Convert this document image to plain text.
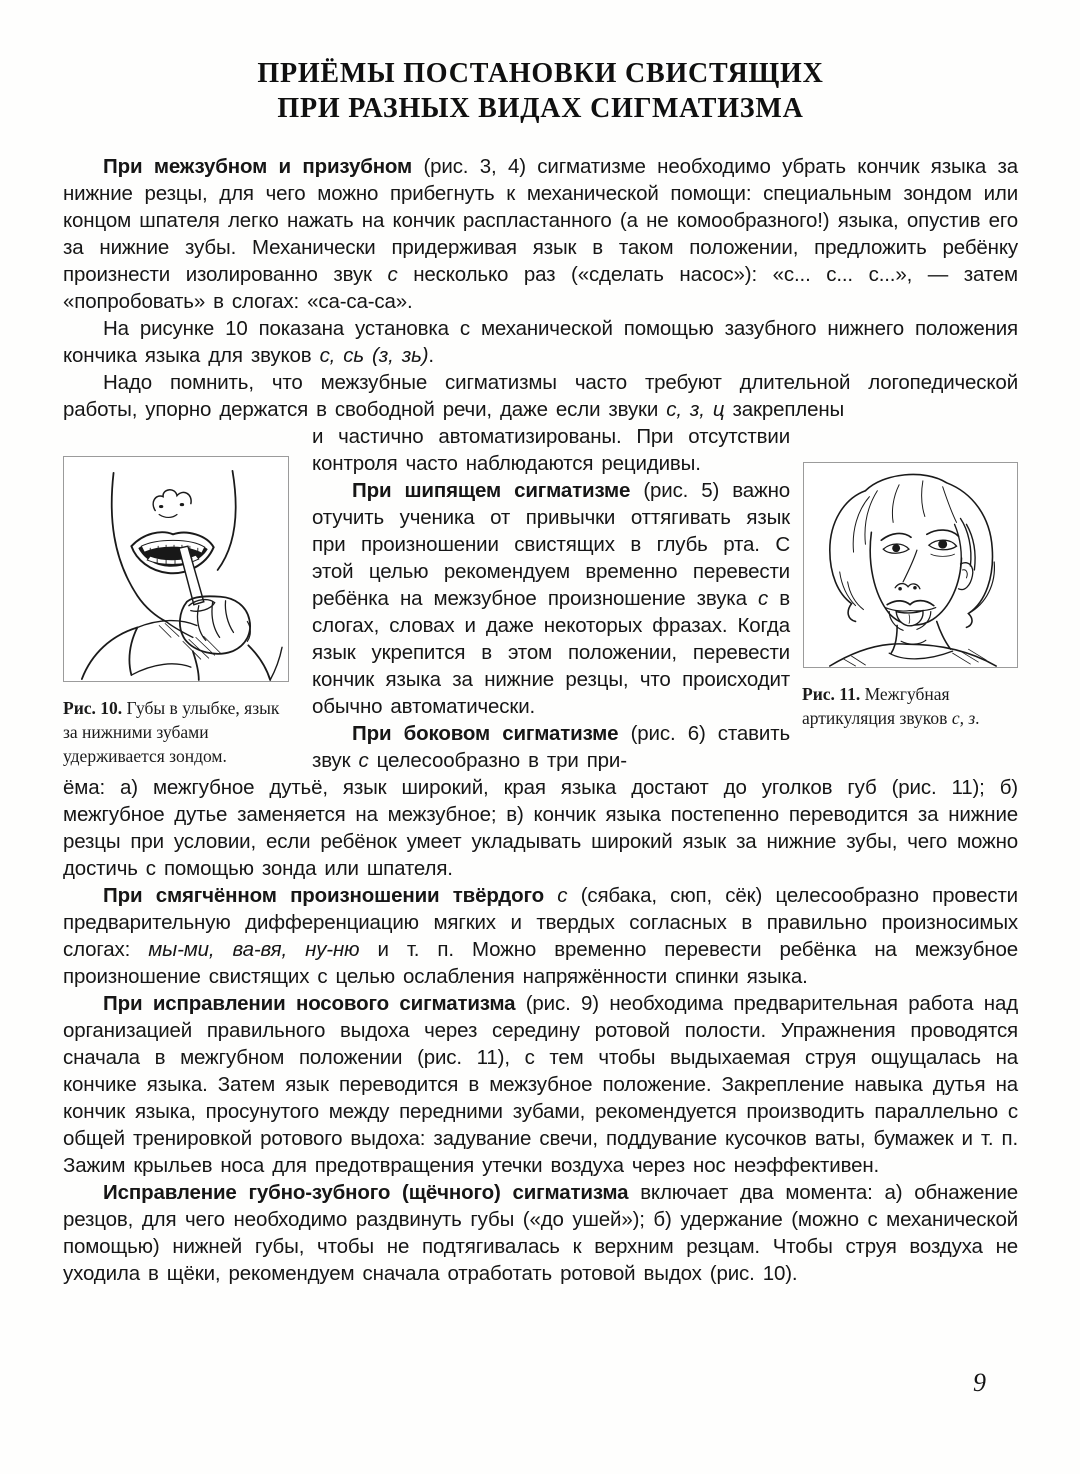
ПРИЁМЫ ПОСТАНОВКИ СВИСТЯЩИХ
ПРИ РАЗНЫХ ВИДАХ СИГМАТИЗМА

При межзубном и призубном (рис. 3, 4) сигматизме необходимо убрать кончик языка за нижние резцы, для чего можно прибегнуть к механической помощи: специальным зондом или концом шпателя легко нажать на кончик распластанного (а не комообразного!) языка, опустив его за нижние зубы. Механически придерживая язык в таком положении, предложить ребёнку произнести изолированно звук с несколько раз («сделать насос»): «с... с... с...», — затем «попробовать» в слогах: «са-са-са».

На рисунке 10 показана установка с механической помощью зазубного нижнего положения кончика языка для звуков с, сь (з, зь).

Надо помнить, что межзубные сигматизмы часто требуют длительной логопедической работы, упорно держатся в свободной речи, даже если звуки с, з, ц закреплены

Рис. 10. Губы в улыбке, язык за нижними зубами удерживается зондом.

и частично автоматизированы. При отсутствии контроля часто наблюдаются рецидивы.

При шипящем сигматизме (рис. 5) важно отучить ученика от привычки оттягивать язык при произношении свистящих в глубь рта. С этой целью рекомендуем временно перевести ребёнка на межзубное произношение звука с в слогах, словах и даже некоторых фразах. Когда язык укрепится в этом положении, перевести кончик языка за нижние резцы, что происходит обычно автоматически.

При боковом сигматизме (рис. 6) ставить звук с целесообразно в три при-

Рис. 11. Межгубная артикуляция звуков с, з.

ёма: а) межгубное дутьё, язык широкий, края языка достают до уголков губ (рис. 11); б) межгубное дутье заменяется на межзубное; в) кончик языка постепенно переводится за нижние резцы при условии, если ребёнок умеет укладывать широкий язык за нижние зубы, чего можно достичь с помощью зонда или шпателя.

При смягчённом произношении твёрдого с (сябака, сюп, сёк) целесообразно провести предварительную дифференциацию мягких и твердых согласных в правильно произносимых слогах: мы-ми, ва-вя, ну-ню и т. п. Можно временно перевести ребёнка на межзубное произношение свистящих с целью ослабления напряжённости спинки языка.

При исправлении носового сигматизма (рис. 9) необходима предварительная работа над организацией правильного выдоха через середину ротовой полости. Упражнения проводятся сначала в межгубном положении (рис. 11), с тем чтобы выдыхаемая струя ощущалась на кончике языка. Затем язык переводится в межзубное положение. Закрепление навыка дутья на кончик языка, просунутого между передними зубами, рекомендуется производить параллельно с общей тренировкой ротового выдоха: задувание свечи, поддувание кусочков ваты, бумажек и т. п. Зажим крыльев носа для предотвращения утечки воздуха через нос неэффективен.

Исправление губно-зубного (щёчного) сигматизма включает два момента: а) обнажение резцов, для чего необходимо раздвинуть губы («до ушей»); б) удержание (можно с механической помощью) нижней губы, чтобы не подтягивалась к верхним резцам. Чтобы струя воздуха не уходила в щёки, рекомендуем сначала отработать ротовой выдох (рис. 10).

9
